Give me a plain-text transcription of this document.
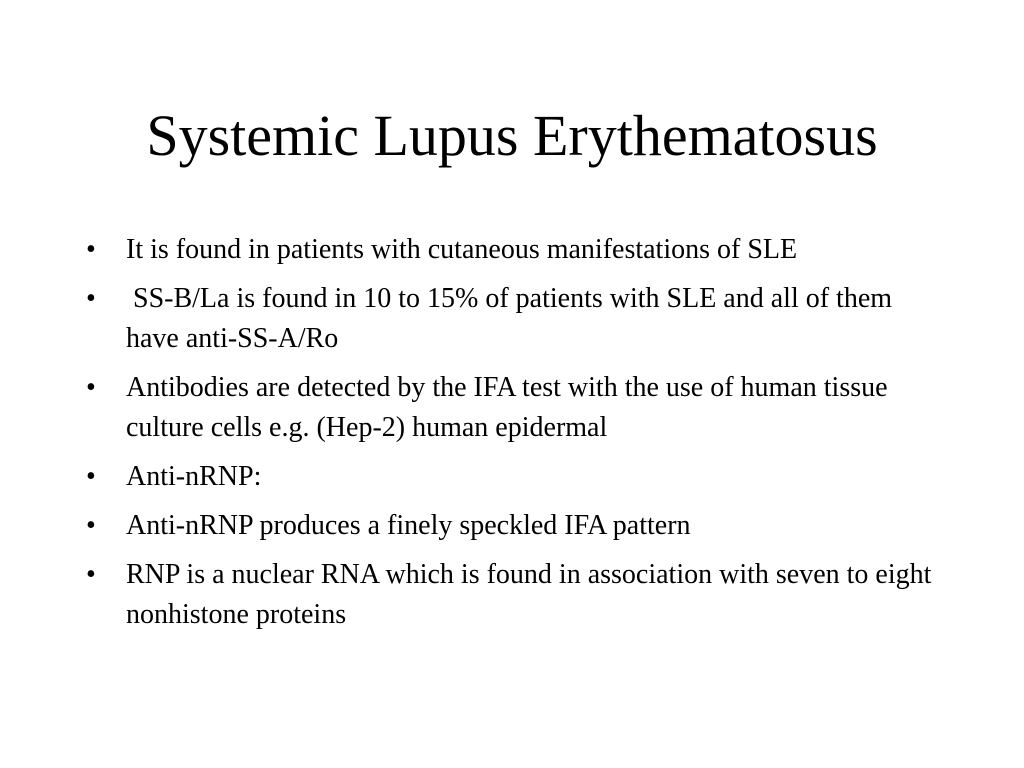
Systemic Lupus Erythematosus
•	It is found in patients with cutaneous manifestations of SLE
•	SS-B/La is found in 10 to 15% of patients with SLE and all of them have anti-SS-A/Ro
•	Antibodies are detected by the IFA test with the use of human tissue culture cells e.g. (Hep-2) human epidermal
•	Anti-nRNP:
•	Anti-nRNP produces a finely speckled IFA pattern
•	RNP is a nuclear RNA which is found in association with seven to eight nonhistone proteins
